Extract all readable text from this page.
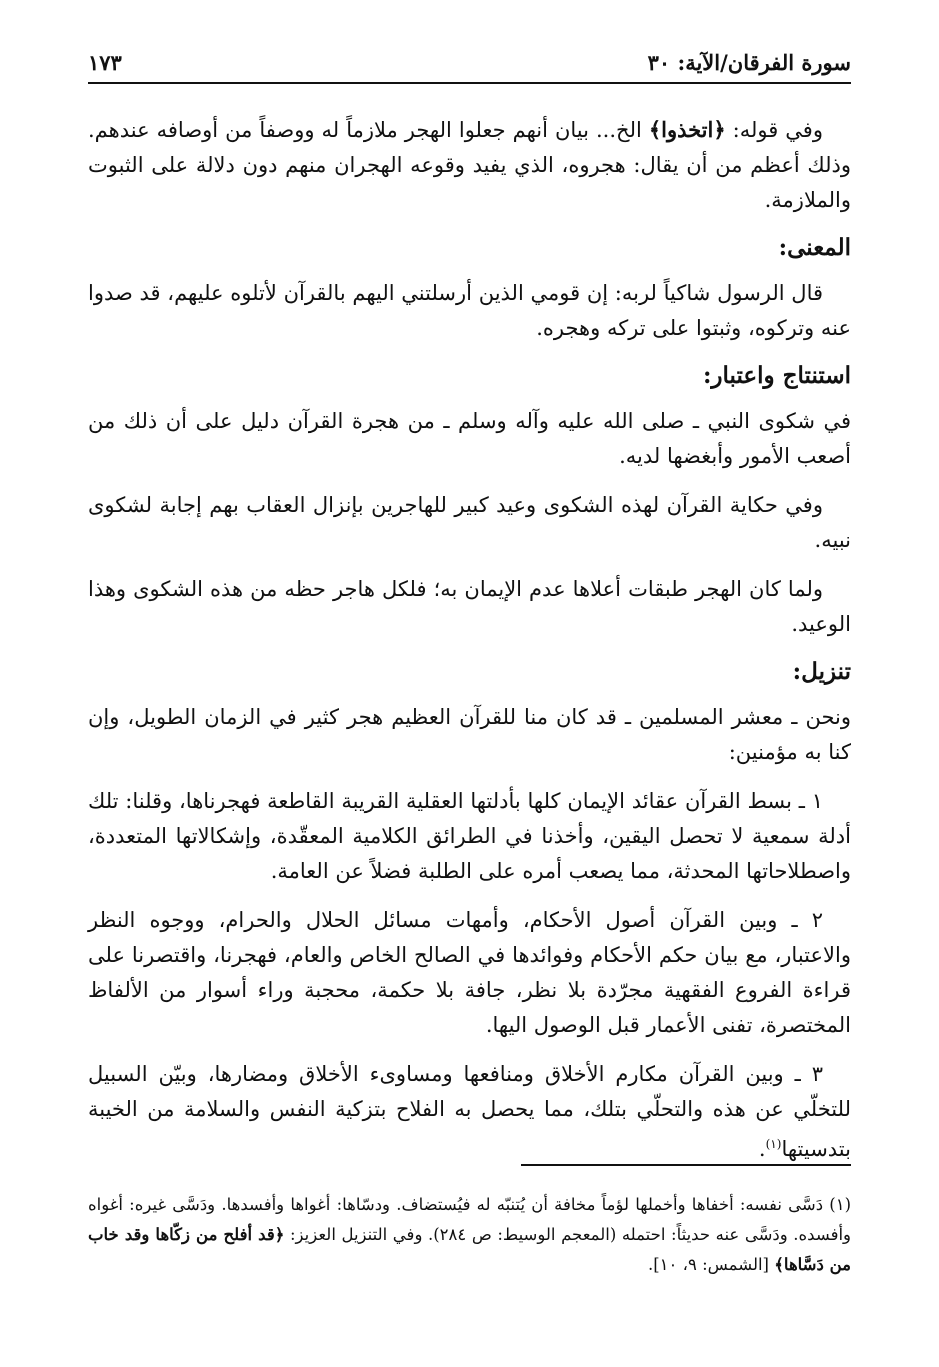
سورة الفرقان/الآية: ٣٠
١٧٣

وفي قوله: ﴿اتخذوا﴾ الخ... بيان أنهم جعلوا الهجر ملازماً له ووصفاً من أوصافه عندهم. وذلك أعظم من أن يقال: هجروه، الذي يفيد وقوعه الهجران منهم دون دلالة على الثبوت والملازمة.

المعنى:

قال الرسول شاكياً لربه: إن قومي الذين أرسلتني اليهم بالقرآن لأتلوه عليهم، قد صدوا عنه وتركوه، وثبتوا على تركه وهجره.

استنتاج واعتبار:

في شكوى النبي ـ صلى الله عليه وآله وسلم ـ من هجرة القرآن دليل على أن ذلك من أصعب الأمور وأبغضها لديه.

وفي حكاية القرآن لهذه الشكوى وعيد كبير للهاجرين بإنزال العقاب بهم إجابة لشكوى نبيه.

ولما كان الهجر طبقات أعلاها عدم الإيمان به؛ فلكل هاجر حظه من هذه الشكوى وهذا الوعيد.

تنزيل:

ونحن ـ معشر المسلمين ـ قد كان منا للقرآن العظيم هجر كثير في الزمان الطويل، وإن كنا به مؤمنين:

١ ـ بسط القرآن عقائد الإيمان كلها بأدلتها العقلية القريبة القاطعة فهجرناها، وقلنا: تلك أدلة سمعية لا تحصل اليقين، وأخذنا في الطرائق الكلامية المعقّدة، وإشكالاتها المتعددة، واصطلاحاتها المحدثة، مما يصعب أمره على الطلبة فضلاً عن العامة.

٢ ـ وبين القرآن أصول الأحكام، وأمهات مسائل الحلال والحرام، ووجوه النظر والاعتبار، مع بيان حكم الأحكام وفوائدها في الصالح الخاص والعام، فهجرنا، واقتصرنا على قراءة الفروع الفقهية مجرّدة بلا نظر، جافة بلا حكمة، محجبة وراء أسوار من الألفاظ المختصرة، تفنى الأعمار قبل الوصول اليها.

٣ ـ وبين القرآن مكارم الأخلاق ومنافعها ومساوىء الأخلاق ومضارها، وبيّن السبيل للتخلّي عن هذه والتحلّي بتلك، مما يحصل به الفلاح بتزكية النفس والسلامة من الخيبة بتدسيتها$^{(١)}$.

(١) دَسَّى نفسه: أخفاها وأخملها لؤماً مخافة أن يُتنبّه له فيُستضاف. ودسّاها: أغواها وأفسدها. ودَسَّى غيره: أغواه وأفسده. ودَسَّى عنه حديثاً: احتمله (المعجم الوسيط: ص ٢٨٤). وفي التنزيل العزيز: ﴿قد أفلح من زكّاها وقد خاب من دَسَّاها﴾ [الشمس: ٩، ١٠].
